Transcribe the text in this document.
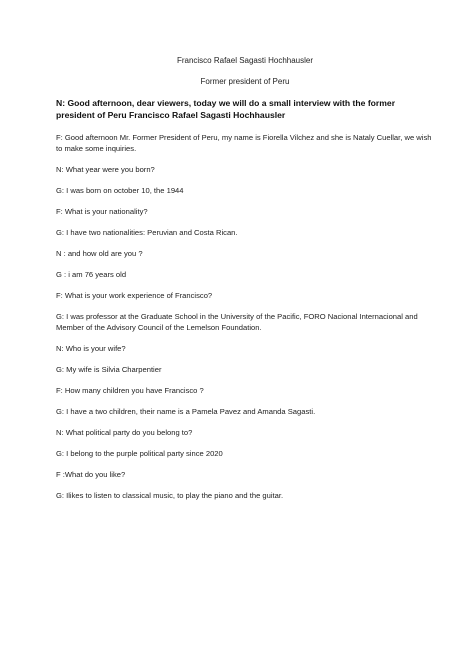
Francisco Rafael Sagasti Hochhausler

Former president of Peru

N: Good afternoon, dear viewers, today we will do a small interview with the former president of Peru Francisco Rafael Sagasti Hochhausler

F: Good afternoon Mr. Former President of Peru, my name is Fiorella Vilchez and she is Nataly Cuellar, we wish to make some inquiries.

N: What year were you born?

G: I was born on october 10, the 1944

F: What is your nationality?

G: I have two nationalities: Peruvian and Costa Rican.

N : and how old are you ?

G : i am 76 years old

F: What is your work experience of Francisco?

G: I was professor at the Graduate School in the University of the Pacific, FORO Nacional Internacional and Member of the Advisory Council of the Lemelson Foundation.

N: Who is your wife?

G: My wife is Silvia Charpentier

F: How many children you have Francisco ?

G: I have a two children, their name is a Pamela Pavez and Amanda Sagasti.

N: What political party do you belong to?

G: I belong to the purple political party since 2020

F :What do you like?

G: Ilikes to listen to classical music, to play the piano and the guitar.
